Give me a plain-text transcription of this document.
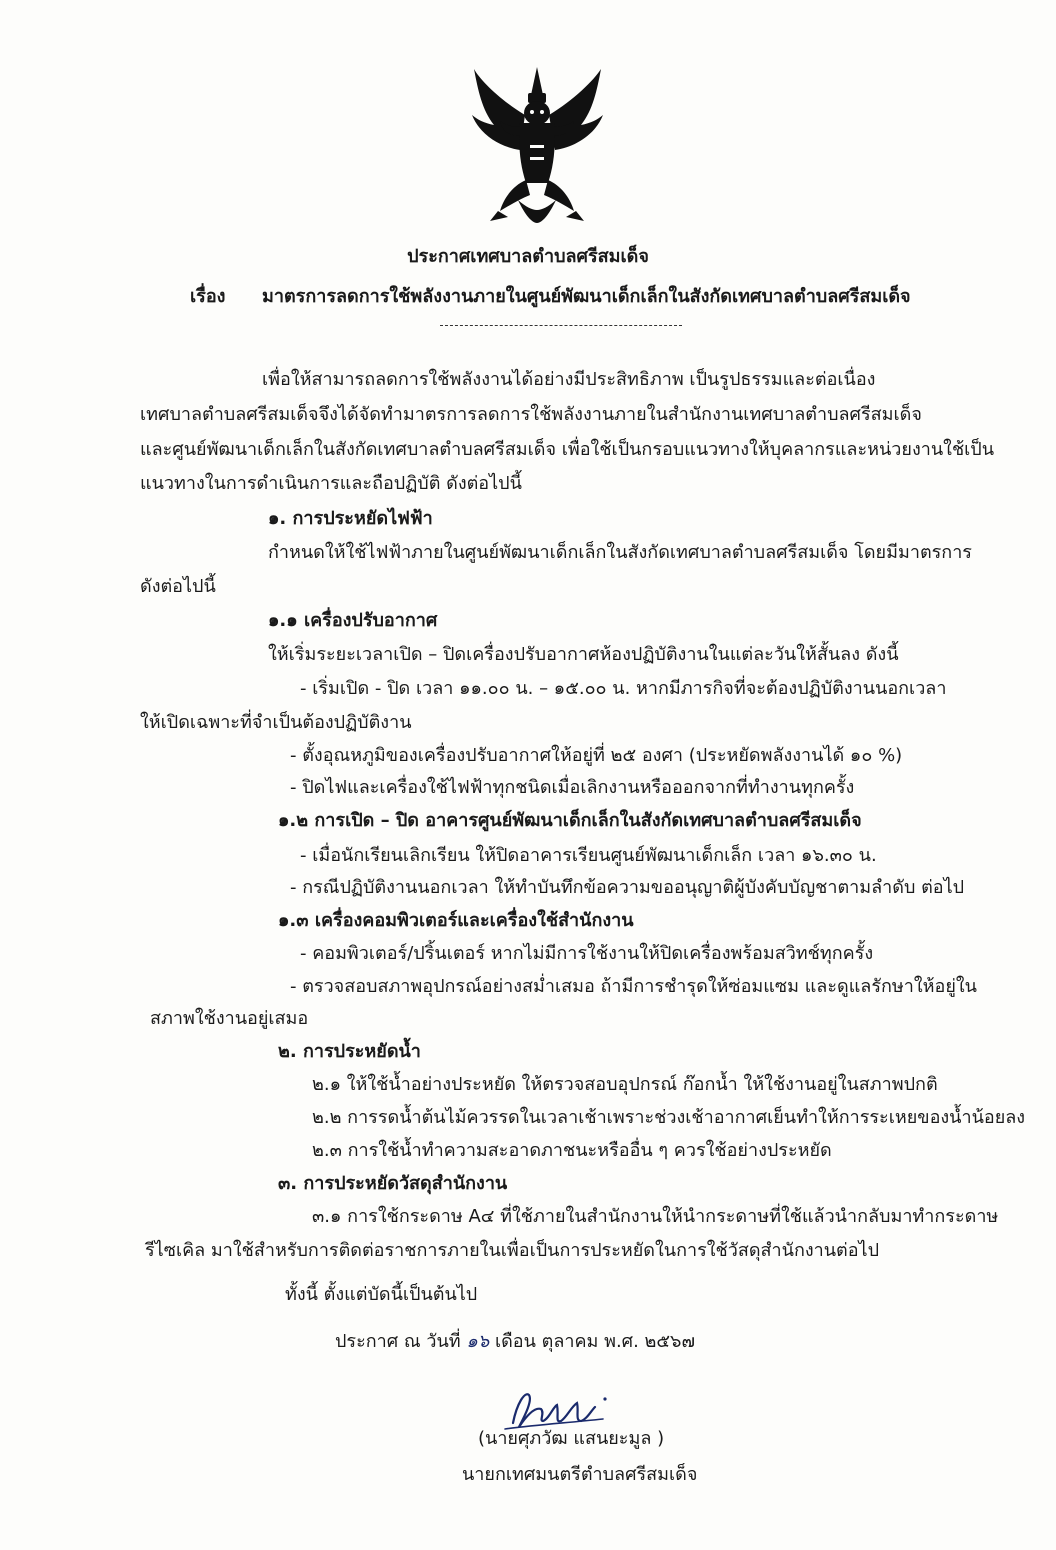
ประกาศเทศบาลตำบลศรีสมเด็จ
เรื่อง มาตรการลดการใช้พลังงานภายในศูนย์พัฒนาเด็กเล็กในสังกัดเทศบาลตำบลศรีสมเด็จ
เพื่อให้สามารถลดการใช้พลังงานได้อย่างมีประสิทธิภาพ เป็นรูปธรรมและต่อเนื่อง
เทศบาลตำบลศรีสมเด็จจึงได้จัดทำมาตรการลดการใช้พลังงานภายในสำนักงานเทศบาลตำบลศรีสมเด็จ
และศูนย์พัฒนาเด็กเล็กในสังกัดเทศบาลตำบลศรีสมเด็จ เพื่อใช้เป็นกรอบแนวทางให้บุคลากรและหน่วยงานใช้เป็น
แนวทางในการดำเนินการและถือปฏิบัติ ดังต่อไปนี้
๑. การประหยัดไฟฟ้า
กำหนดให้ใช้ไฟฟ้าภายในศูนย์พัฒนาเด็กเล็กในสังกัดเทศบาลตำบลศรีสมเด็จ โดยมีมาตรการ
ดังต่อไปนี้
๑.๑ เครื่องปรับอากาศ
ให้เริ่มระยะเวลาเปิด – ปิดเครื่องปรับอากาศห้องปฏิบัติงานในแต่ละวันให้สั้นลง ดังนี้
- เริ่มเปิด - ปิด เวลา ๑๑.๐๐ น. – ๑๕.๐๐ น. หากมีภารกิจที่จะต้องปฏิบัติงานนอกเวลา
ให้เปิดเฉพาะที่จำเป็นต้องปฏิบัติงาน
- ตั้งอุณหภูมิของเครื่องปรับอากาศให้อยู่ที่ ๒๕ องศา (ประหยัดพลังงานได้ ๑๐ %)
- ปิดไฟและเครื่องใช้ไฟฟ้าทุกชนิดเมื่อเลิกงานหรือออกจากที่ทำงานทุกครั้ง
๑.๒ การเปิด – ปิด อาคารศูนย์พัฒนาเด็กเล็กในสังกัดเทศบาลตำบลศรีสมเด็จ
- เมื่อนักเรียนเลิกเรียน ให้ปิดอาคารเรียนศูนย์พัฒนาเด็กเล็ก เวลา ๑๖.๓๐ น.
- กรณีปฏิบัติงานนอกเวลา ให้ทำบันทึกข้อความขออนุญาติผู้บังคับบัญชาตามลำดับ ต่อไป
๑.๓ เครื่องคอมพิวเตอร์และเครื่องใช้สำนักงาน
- คอมพิวเตอร์/ปริ้นเตอร์ หากไม่มีการใช้งานให้ปิดเครื่องพร้อมสวิทช์ทุกครั้ง
- ตรวจสอบสภาพอุปกรณ์อย่างสม่ำเสมอ ถ้ามีการชำรุดให้ซ่อมแซม และดูแลรักษาให้อยู่ใน
สภาพใช้งานอยู่เสมอ
๒. การประหยัดน้ำ
๒.๑ ให้ใช้น้ำอย่างประหยัด ให้ตรวจสอบอุปกรณ์ ก๊อกน้ำ ให้ใช้งานอยู่ในสภาพปกติ
๒.๒ การรดน้ำต้นไม้ควรรดในเวลาเช้าเพราะช่วงเช้าอากาศเย็นทำให้การระเหยของน้ำน้อยลง
๒.๓ การใช้น้ำทำความสะอาดภาชนะหรืออื่น ๆ ควรใช้อย่างประหยัด
๓. การประหยัดวัสดุสำนักงาน
๓.๑ การใช้กระดาษ A๔ ที่ใช้ภายในสำนักงานให้นำกระดาษที่ใช้แล้วนำกลับมาทำกระดาษ
รีไซเคิล มาใช้สำหรับการติดต่อราชการภายในเพื่อเป็นการประหยัดในการใช้วัสดุสำนักงานต่อไป
ทั้งนี้ ตั้งแต่บัดนี้เป็นต้นไป
ประกาศ ณ วันที่ ๑๖ เดือน ตุลาคม พ.ศ. ๒๕๖๗
(นายศุภวัฒ แสนยะมูล )
นายกเทศมนตรีตำบลศรีสมเด็จ
